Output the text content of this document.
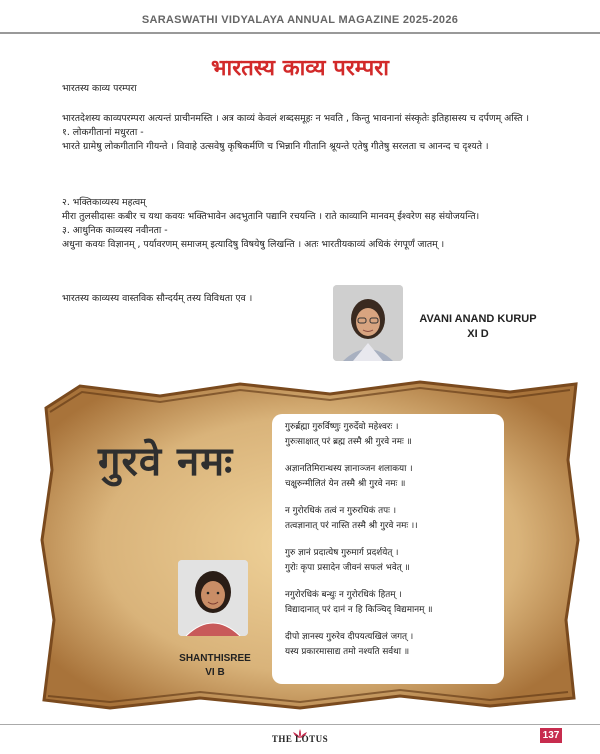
SARASWATHI VIDYALAYA ANNUAL MAGAZINE 2025-2026
भारतस्य काव्य परम्परा
भारतस्य काव्य परम्परा
भारतदेशस्य काव्यपरम्परा अत्यन्तं प्राचीनमस्ति । अत्र काव्यं केवलं शब्दसमूहः न भवति , किन्तु भावनानां संस्कृतेः इतिहासस्य च दर्पणम् अस्ति ।
१. लोकगीतानां मधुरता -
भारते ग्रामेषु लोकगीतानि गीयन्ते । विवाहे उत्सवेषु कृषिकर्मणि च भिन्नानि गीतानि श्रूयन्ते एतेषु गीतेषु सरलता च आनन्द च दृश्यते ।
२. भक्तिकाव्यस्य महत्वम्
मीरा तुलसीदासः कबीर च यथा कवयः भक्तिभावेन अदभुतानि पद्यानि रचयन्ति । राते काव्यानि मानवम् ईश्वरेण सह संयोजयन्ति।
३. आधुनिक काव्यस्य नवीनता -
अधुना कवयः विज्ञानम् , पर्यावरणम् समाजम् इत्यादिषु विषयेषु लिखन्ति । अतः भारतीयकाव्यं अधिकं रंगपूर्णं जातम् ।
भारतस्य काव्यस्य वास्तविक सौन्दर्यम् तस्य विविधता एव ।
AVANI ANAND KURUP
XI D
गुरवे नमः
गुरुर्ब्रह्मा गुरुर्विष्णुः गुरुर्देवो महेश्वरः ।
गुरुःसाक्षात् परं ब्रह्म तस्मै श्री गुरवे नमः ॥
अज्ञानतिमिरान्धस्य ज्ञानाञ्जन शलाकया ।
चक्षुरुन्मीलितं येन तस्मै श्री गुरवे नमः ॥
न गुरोरधिकं तत्वं न गुरुरधिकं तपः ।
तत्वज्ञानात् परं नास्ति तस्मै श्री गुरवे नमः ।।
गुरु ज्ञानं प्रदात्येष गुरुमार्ग प्रदर्शयेत् ।
गुरोः कृपा प्रसादेन जीवनं सफलं भवेत् ॥
नगुरोरधिकं बन्धुः न गुरोरधिकं हितम् ।
विद्यादानात् परं दानं न हि किञ्चिद् विद्यमानम् ॥
दीपो ज्ञानस्य गुरुरेव दीपयत्यखिलं जगत् ।
यस्य प्रकारमासाद्य तमो नश्यति सर्वथा ॥
SHANTHISREE
VI B
THE LOTUS	137
